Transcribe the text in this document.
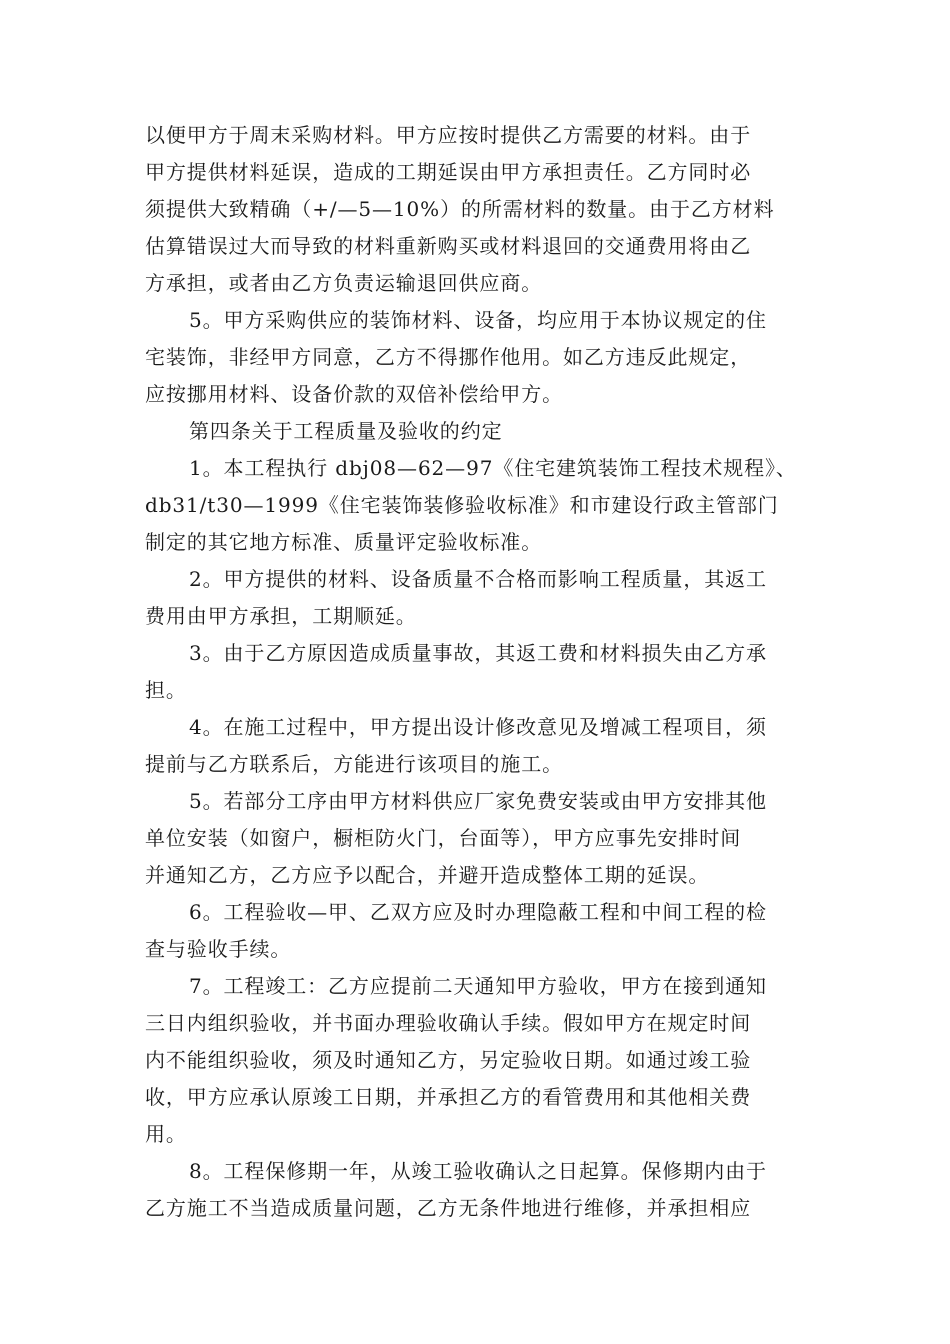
以便甲方于周末采购材料。甲方应按时提供乙方需要的材料。由于
甲方提供材料延误，造成的工期延误由甲方承担责任。乙方同时必
须提供大致精确（+/—5—10%）的所需材料的数量。由于乙方材料
估算错误过大而导致的材料重新购买或材料退回的交通费用将由乙
方承担，或者由乙方负责运输退回供应商。

5。甲方采购供应的装饰材料、设备，均应用于本协议规定的住
宅装饰，非经甲方同意，乙方不得挪作他用。如乙方违反此规定，
应按挪用材料、设备价款的双倍补偿给甲方。

第四条关于工程质量及验收的约定

1。本工程执行 dbj08—62—97《住宅建筑装饰工程技术规程》、
db31/t30—1999《住宅装饰装修验收标准》和市建设行政主管部门
制定的其它地方标准、质量评定验收标准。

2。甲方提供的材料、设备质量不合格而影响工程质量，其返工
费用由甲方承担，工期顺延。

3。由于乙方原因造成质量事故，其返工费和材料损失由乙方承
担。

4。在施工过程中，甲方提出设计修改意见及增减工程项目，须
提前与乙方联系后，方能进行该项目的施工。

5。若部分工序由甲方材料供应厂家免费安装或由甲方安排其他
单位安装（如窗户，橱柜防火门，台面等），甲方应事先安排时间
并通知乙方，乙方应予以配合，并避开造成整体工期的延误。

6。工程验收—甲、乙双方应及时办理隐蔽工程和中间工程的检
查与验收手续。

7。工程竣工：乙方应提前二天通知甲方验收，甲方在接到通知
三日内组织验收，并书面办理验收确认手续。假如甲方在规定时间
内不能组织验收，须及时通知乙方，另定验收日期。如通过竣工验
收，甲方应承认原竣工日期，并承担乙方的看管费用和其他相关费
用。

8。工程保修期一年，从竣工验收确认之日起算。保修期内由于
乙方施工不当造成质量问题，乙方无条件地进行维修，并承担相应
